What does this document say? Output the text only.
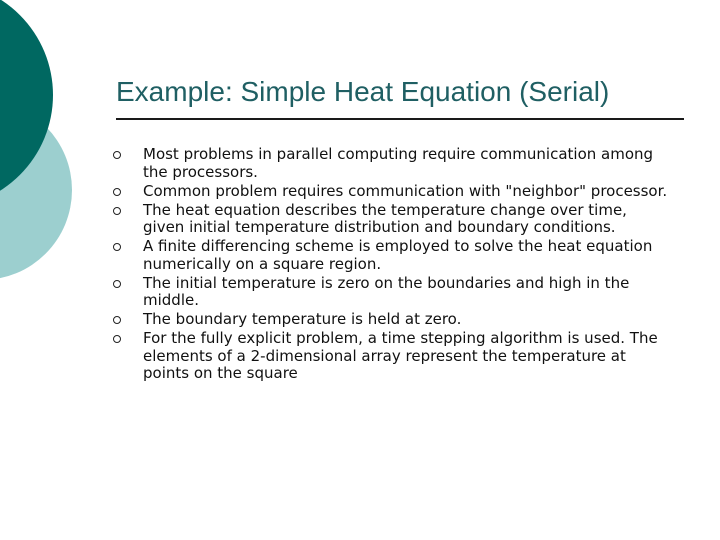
Example: Simple Heat Equation (Serial)
Most problems in parallel computing require communication among the processors.
Common problem requires communication with "neighbor" processor.
The heat equation describes the temperature change over time, given initial temperature distribution and boundary conditions.
A finite differencing scheme is employed to solve the heat equation numerically on a square region.
The initial temperature is zero on the boundaries and high in the middle.
The boundary temperature is held at zero.
For the fully explicit problem, a time stepping algorithm is used. The elements of a 2-dimensional array represent the temperature at points on the square
